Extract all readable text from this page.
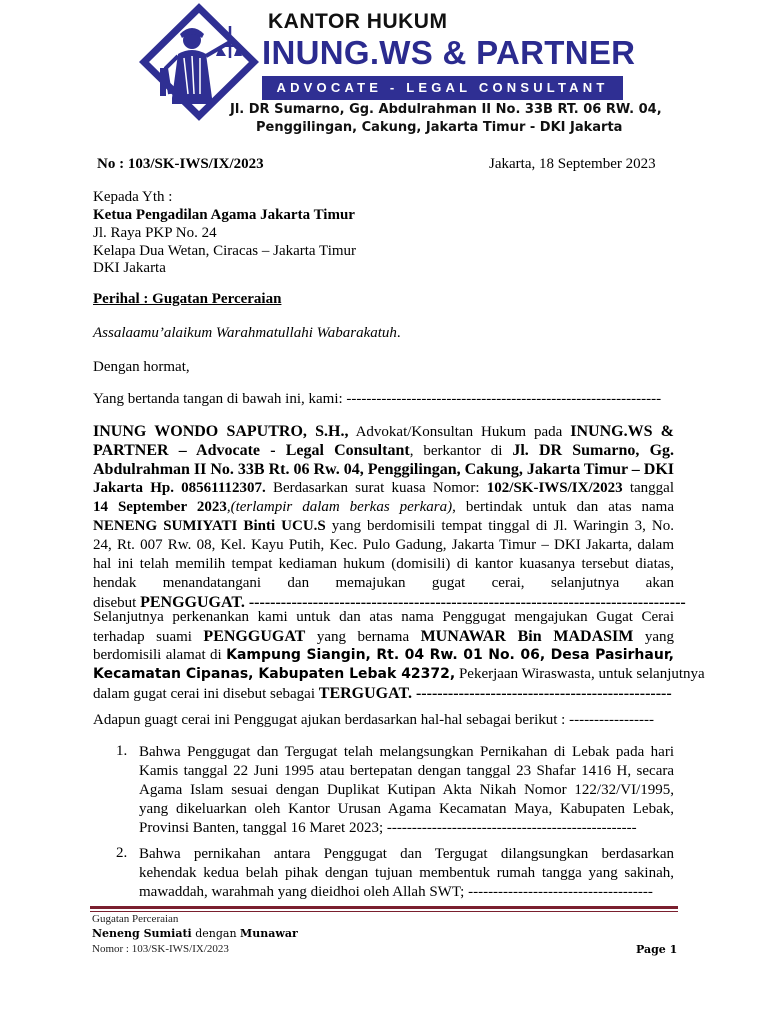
KANTOR HUKUM
INUNG.WS & PARTNER
ADVOCATE - LEGAL CONSULTANT
Jl. DR Sumarno, Gg. Abdulrahman II No. 33B RT. 06 RW. 04,
Penggilingan, Cakung, Jakarta Timur - DKI Jakarta
No : 103/SK-IWS/IX/2023	Jakarta, 18 September 2023
Kepada Yth :
Ketua Pengadilan Agama Jakarta Timur
Jl. Raya PKP No. 24
Kelapa Dua Wetan, Ciracas – Jakarta Timur
DKI Jakarta
Perihal : Gugatan Perceraian
Assalaamu’alaikum Warahmatullahi Wabarakatuh.
Dengan hormat,
Yang bertanda tangan di bawah ini, kami: ---------------------------------------------------------------
INUNG WONDO SAPUTRO, S.H., Advokat/Konsultan Hukum pada INUNG.WS &
PARTNER – Advocate - Legal Consultant, berkantor di Jl. DR Sumarno, Gg.
Abdulrahman II No. 33B Rt. 06 Rw. 04, Penggilingan, Cakung, Jakarta Timur – DKI
Jakarta Hp. 08561112307. Berdasarkan surat kuasa Nomor: 102/SK-IWS/IX/2023 tanggal
14 September 2023,(terlampir dalam berkas perkara), bertindak untuk dan atas nama
NENENG SUMIYATI Binti UCU.S yang berdomisili tempat tinggal di Jl. Waringin 3, No.
24, Rt. 007 Rw. 08, Kel. Kayu Putih, Kec. Pulo Gadung, Jakarta Timur – DKI Jakarta, dalam
hal ini telah memilih tempat kediaman hukum (domisili) di kantor kuasanya tersebut diatas,
hendak menandatangani dan memajukan gugat cerai, selanjutnya akan
disebut PENGGUGAT. ----------------------------------------------------------------------------------
Selanjutnya perkenankan kami untuk dan atas nama Penggugat mengajukan Gugat Cerai
terhadap suami PENGGUGAT yang bernama MUNAWAR Bin MADASIM yang
berdomisili alamat di Kampung Siangin, Rt. 04 Rw. 01 No. 06, Desa Pasirhaur,
Kecamatan Cipanas, Kabupaten Lebak 42372, Pekerjaan Wiraswasta, untuk selanjutnya
dalam gugat cerai ini disebut sebagai TERGUGAT. ------------------------------------------------
Adapun guagt cerai ini Penggugat ajukan berdasarkan hal-hal sebagai berikut : -----------------
1. Bahwa Penggugat dan Tergugat telah melangsungkan Pernikahan di Lebak pada hari
Kamis tanggal 22 Juni 1995 atau bertepatan dengan tanggal 23 Shafar 1416 H, secara
Agama Islam sesuai dengan Duplikat Kutipan Akta Nikah Nomor 122/32/VI/1995,
yang dikeluarkan oleh Kantor Urusan Agama Kecamatan Maya, Kabupaten Lebak,
Provinsi Banten, tanggal 16 Maret 2023; --------------------------------------------------
2. Bahwa pernikahan antara Penggugat dan Tergugat dilangsungkan berdasarkan
kehendak kedua belah pihak dengan tujuan membentuk rumah tangga yang sakinah,
mawaddah, warahmah yang dieidhoi oleh Allah SWT; -------------------------------------
Gugatan Perceraian
Neneng Sumiati dengan Munawar
Nomor : 103/SK-IWS/IX/2023	Page 1
